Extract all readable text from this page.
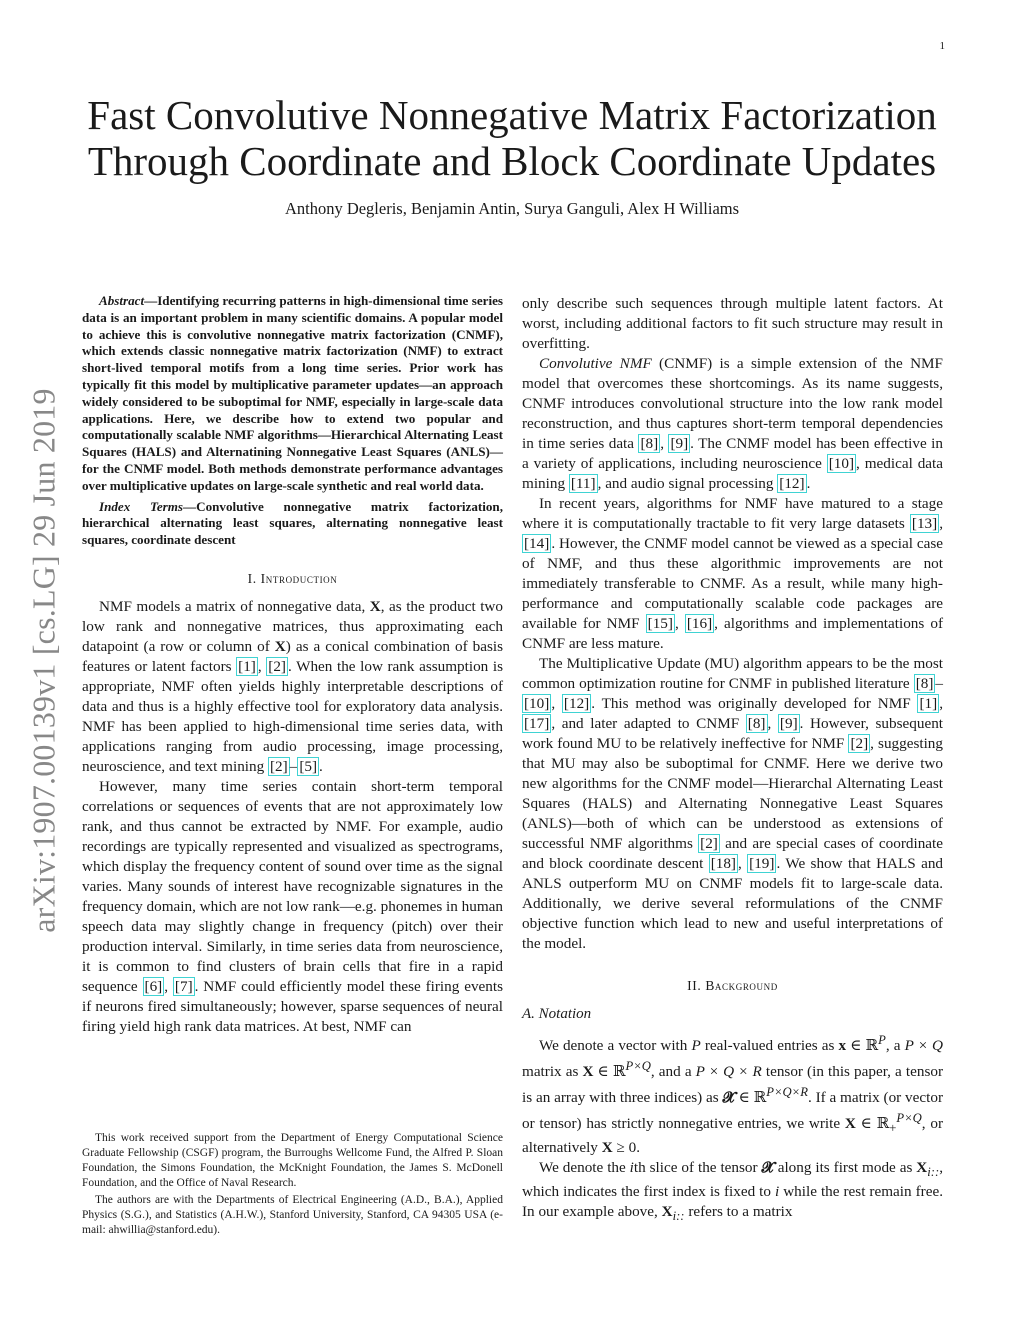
1
arXiv:1907.00139v1 [cs.LG] 29 Jun 2019
Fast Convolutive Nonnegative Matrix Factorization
Through Coordinate and Block Coordinate Updates
Anthony Degleris, Benjamin Antin, Surya Ganguli, Alex H Williams

Abstract—Identifying recurring patterns in high-dimensional time series data is an important problem in many scientific domains. A popular model to achieve this is convolutive nonnegative matrix factorization (CNMF), which extends classic nonnegative matrix factorization (NMF) to extract short-lived temporal motifs from a long time series. Prior work has typically fit this model by multiplicative parameter updates—an approach widely considered to be suboptimal for NMF, especially in large-scale data applications. Here, we describe how to extend two popular and computationally scalable NMF algorithms—Hierarchical Alternating Least Squares (HALS) and Alternatining Nonnegative Least Squares (ANLS)—for the CNMF model. Both methods demonstrate performance advantages over multiplicative updates on large-scale synthetic and real world data.

Index Terms—Convolutive nonnegative matrix factorization, hierarchical alternating least squares, alternating nonnegative least squares, coordinate descent

I. Introduction

NMF models a matrix of nonnegative data, X, as the product two low rank and nonnegative matrices, thus approximating each datapoint (a row or column of X) as a conical combination of basis features or latent factors [1] , [2] . When the low rank assumption is appropriate, NMF often yields highly interpretable descriptions of data and thus is a highly effective tool for exploratory data analysis. NMF has been applied to high-dimensional time series data, with applications ranging from audio processing, image processing, neuroscience, and text mining [2] – [5] .

However, many time series contain short-term temporal correlations or sequences of events that are not approximately low rank, and thus cannot be extracted by NMF. For example, audio recordings are typically represented and visualized as spectrograms, which display the frequency content of sound over time as the signal varies. Many sounds of interest have recognizable signatures in the frequency domain, which are not low rank—e.g. phonemes in human speech data may slightly change in frequency (pitch) over their production interval. Similarly, in time series data from neuroscience, it is common to find clusters of brain cells that fire in a rapid sequence [6] , [7] . NMF could efficiently model these firing events if neurons fired simultaneously; however, sparse sequences of neural firing yield high rank data matrices. At best, NMF can

This work received support from the Department of Energy Computational Science Graduate Fellowship (CSGF) program, the Burroughs Wellcome Fund, the Alfred P. Sloan Foundation, the Simons Foundation, the McKnight Foundation, the James S. McDonell Foundation, and the Office of Naval Research.

The authors are with the Departments of Electrical Engineering (A.D., B.A.), Applied Physics (S.G.), and Statistics (A.H.W.), Stanford University, Stanford, CA 94305 USA (e-mail: ahwillia@stanford.edu).

only describe such sequences through multiple latent factors. At worst, including additional factors to fit such structure may result in overfitting.

Convolutive NMF (CNMF) is a simple extension of the NMF model that overcomes these shortcomings. As its name suggests, CNMF introduces convolutional structure into the low rank model reconstruction, and thus captures short-term temporal dependencies in time series data [8] , [9] . The CNMF model has been effective in a variety of applications, including neuroscience [10] , medical data mining [11] , and audio signal processing [12] .

In recent years, algorithms for NMF have matured to a stage where it is computationally tractable to fit very large datasets [13] , [14] . However, the CNMF model cannot be viewed as a special case of NMF, and thus these algorithmic improvements are not immediately transferable to CNMF. As a result, while many high-performance and computationally scalable code packages are available for NMF [15] , [16] , algorithms and implementations of CNMF are less mature.

The Multiplicative Update (MU) algorithm appears to be the most common optimization routine for CNMF in published literature [8] –[10] , [12] . This method was originally developed for NMF [1] , [17] , and later adapted to CNMF [8] , [9] . However, subsequent work found MU to be relatively ineffective for NMF [2] , suggesting that MU may also be suboptimal for CNMF. Here we derive two new algorithms for the CNMF model—Hierarchal Alternating Least Squares (HALS) and Alternating Nonnegative Least Squares (ANLS)—both of which can be understood as extensions of successful NMF algorithms [2] and are special cases of coordinate and block coordinate descent [18] , [19] . We show that HALS and ANLS outperform MU on CNMF models fit to large-scale data. Additionally, we derive several reformulations of the CNMF objective function which lead to new and useful interpretations of the model.

II. Background
A. Notation

We denote a vector with P real-valued entries as x ∈ ℝ$^P$, a P × Q matrix as X ∈ ℝ$^{P\times Q}$, and a P × Q × R tensor (in this paper, a tensor is an array with three indices) as 𝓧 ∈ ℝ$^{P\times Q\times R}$. If a matrix (or vector or tensor) has strictly nonnegative entries, we write X ∈ ℝ$_+^{P\times Q}$, or alternatively X ≥ 0.

We denote the ith slice of the tensor 𝓧 along its first mode as $X_{i::}$, which indicates the first index is fixed to i while the rest remain free. In our example above, $X_{i::}$ refers to a matrix
